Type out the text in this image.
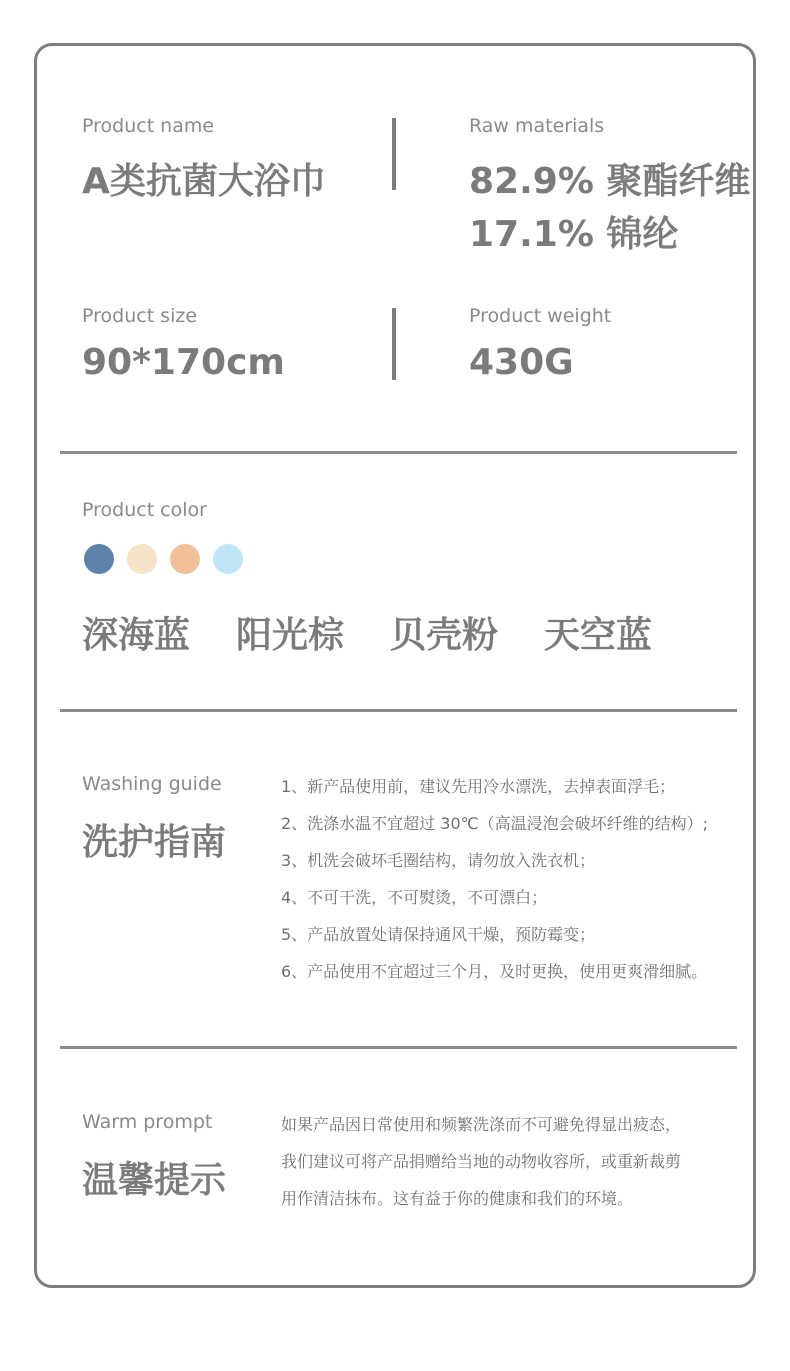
Product name
A类抗菌大浴巾
Raw materials
82.9% 聚酯纤维
17.1% 锦纶
Product size
90*170cm
Product weight
430G
Product color
深海蓝 阳光棕 贝壳粉 天空蓝
Washing guide
洗护指南
1、新产品使用前，建议先用冷水漂洗，去掉表面浮毛；
2、洗涤水温不宜超过 30℃（高温浸泡会破坏纤维的结构）;
3、机洗会破坏毛圈结构，请勿放入洗衣机；
4、不可干洗，不可熨烫，不可漂白；
5、产品放置处请保持通风干燥，预防霉变；
6、产品使用不宜超过三个月，及时更换，使用更爽滑细腻。
Warm prompt
温馨提示
如果产品因日常使用和频繁洗涤而不可避免得显出疲态，
我们建议可将产品捐赠给当地的动物收容所，或重新裁剪
用作清洁抹布。这有益于你的健康和我们的环境。
